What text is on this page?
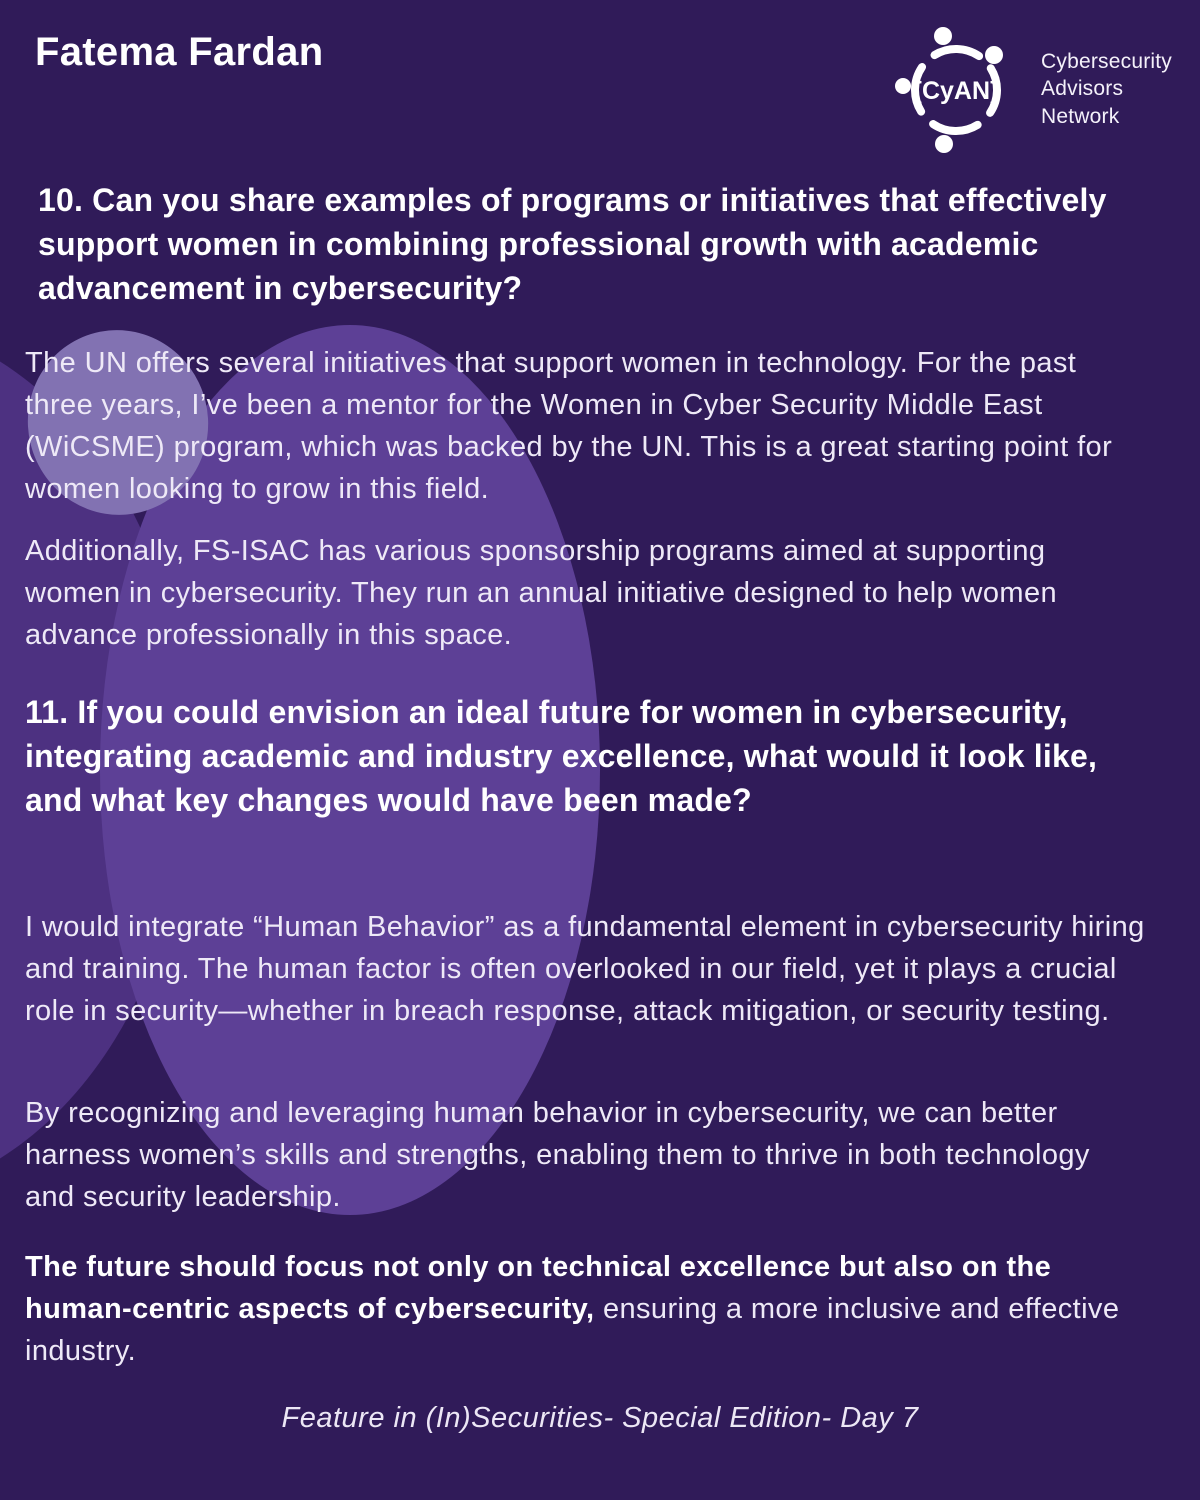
Fatema Fardan
{CyAN}
Cybersecurity
Advisors
Network
10. Can you share examples of programs or initiatives that effectively support women in combining professional growth with academic advancement in cybersecurity?
The UN offers several initiatives that support women in technology. For the past three years, I’ve been a mentor for the Women in Cyber Security Middle East (WiCSME) program, which was backed by the UN. This is a great starting point for women looking to grow in this field.
Additionally, FS-ISAC has various sponsorship programs aimed at supporting women in cybersecurity. They run an annual initiative designed to help women advance professionally in this space.
11. If you could envision an ideal future for women in cybersecurity, integrating academic and industry excellence, what would it look like, and what key changes would have been made?
I would integrate “Human Behavior” as a fundamental element in cybersecurity hiring and training. The human factor is often overlooked in our field, yet it plays a crucial role in security—whether in breach response, attack mitigation, or security testing.
By recognizing and leveraging human behavior in cybersecurity, we can better harness women’s skills and strengths, enabling them to thrive in both technology and security leadership.
The future should focus not only on technical excellence but also on the human-centric aspects of cybersecurity, ensuring a more inclusive and effective industry.
Feature in (In)Securities- Special Edition- Day 7
